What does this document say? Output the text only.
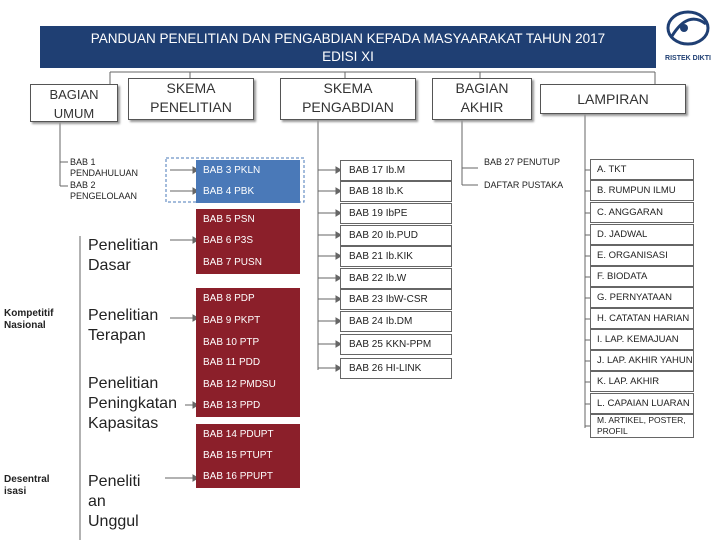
PANDUAN PENELITIAN DAN PENGABDIAN KEPADA MASYAARAKAT TAHUN 2017
EDISI XI	RISTEK DIKTI
BAGIAN
UMUM
SKEMA
PENELITIAN
SKEMA
PENGABDIAN
BAGIAN
AKHIR	LAMPIRAN
BAB 1 PENDAHULUAN
BAB 2 PENGELOLAAN
Penelitian Dasar
Penelitian Terapan
Penelitian Peningkatan Kapasitas
Peneliti an Unggul
Kompetitif Nasional
Desentral isasi
BAB 3 PKLN
BAB 4 PBK
BAB 5 PSN
BAB 6 P3S
BAB 7 PUSN
BAB 8 PDP
BAB 9 PKPT
BAB 10 PTP
BAB 11 PDD
BAB 12 PMDSU
BAB 13 PPD
BAB 14 PDUPT
BAB 15 PTUPT
BAB 16 PPUPT
BAB 17 Ib.M
BAB 18 Ib.K
BAB 19 IbPE
BAB 20 Ib.PUD
BAB 21 Ib.KIK
BAB 22 Ib.W
BAB 23 IbW-CSR
BAB 24 Ib.DM
BAB 25 KKN-PPM
BAB 26 HI-LINK
BAB 27 PENUTUP
DAFTAR PUSTAKA
A. TKT
B. RUMPUN ILMU
C. ANGGARAN
D. JADWAL
E. ORGANISASI
F. BIODATA
G. PERNYATAAN
H. CATATAN HARIAN
I. LAP. KEMAJUAN
J. LAP. AKHIR YAHUN
K. LAP. AKHIR
L. CAPAIAN LUARAN
M. ARTIKEL, POSTER, PROFIL
